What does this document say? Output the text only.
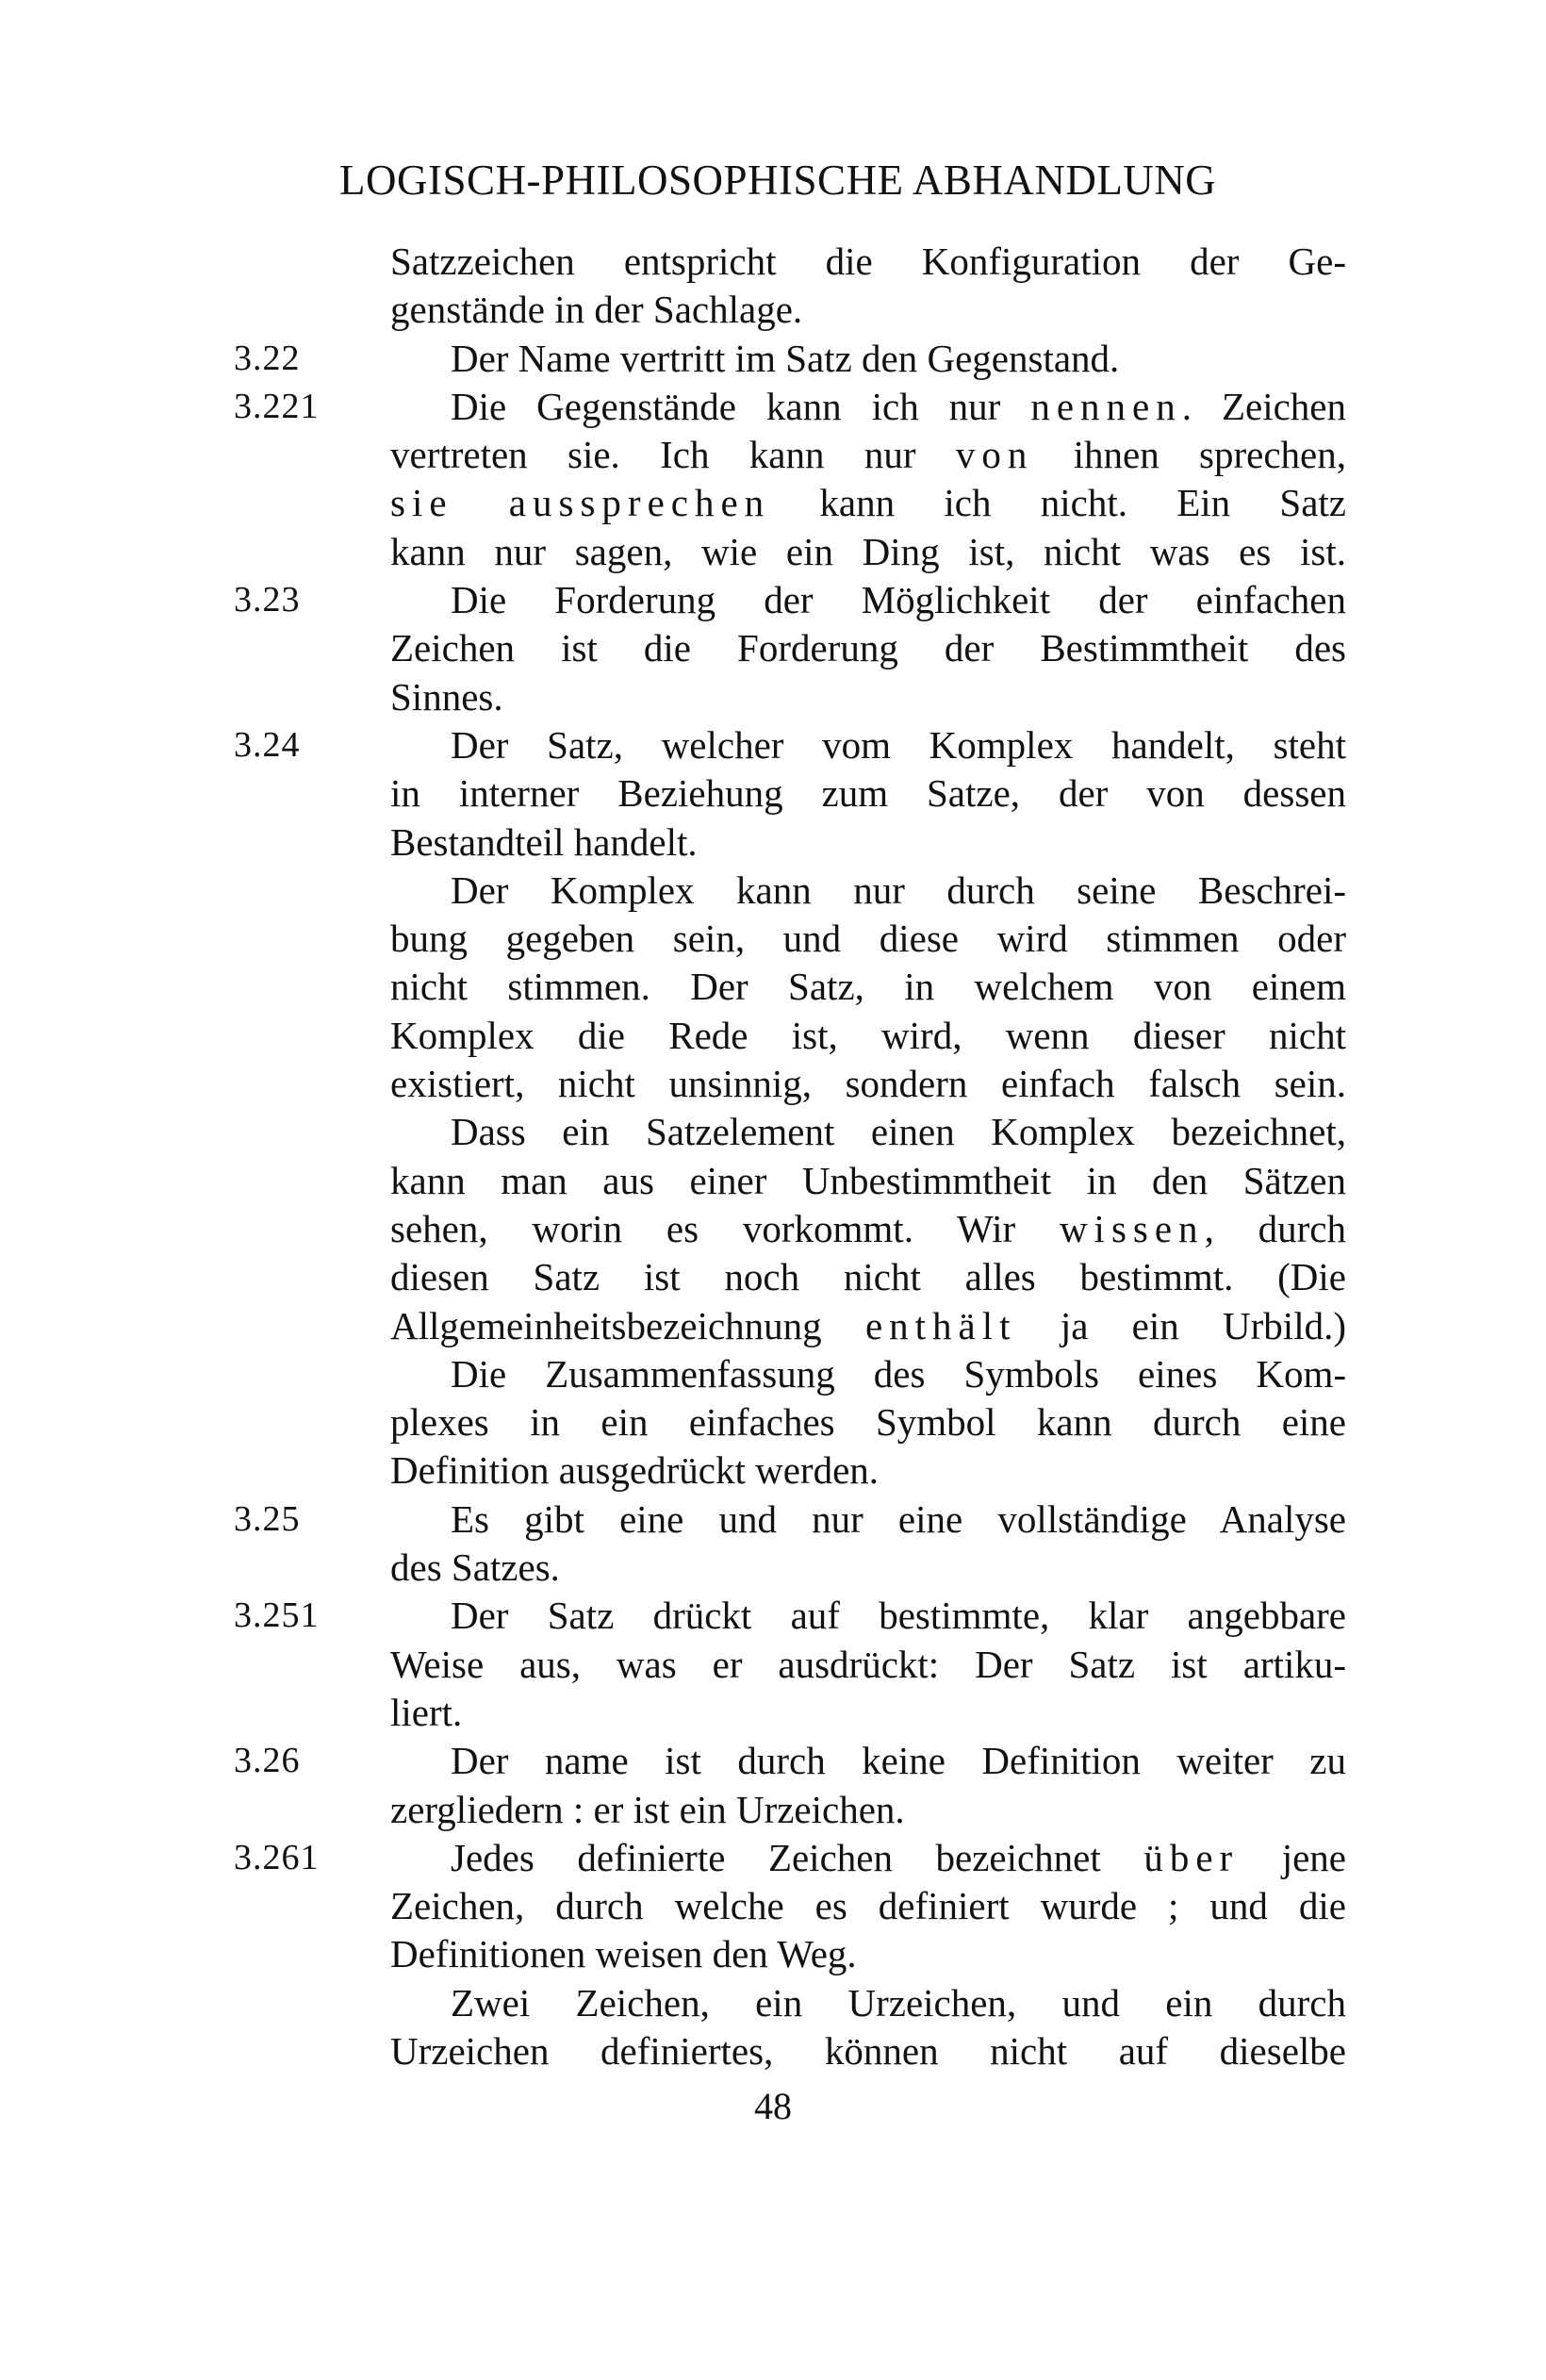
LOGISCH-PHILOSOPHISCHE ABHANDLUNG
Satzzeichen entspricht die Konfiguration der Ge-
genstände in der Sachlage.
3.22	Der Name vertritt im Satz den Gegenstand.
3.221	Die Gegenstände kann ich nur nennen. Zeichen
vertreten sie. Ich kann nur von ihnen sprechen,
sie aussprechen kann ich nicht. Ein Satz
kann nur sagen, wie ein Ding ist, nicht was es ist.
3.23	Die Forderung der Möglichkeit der einfachen
Zeichen ist die Forderung der Bestimmtheit des
Sinnes.
3.24	Der Satz, welcher vom Komplex handelt, steht
in interner Beziehung zum Satze, der von dessen
Bestandteil handelt.
Der Komplex kann nur durch seine Beschrei-
bung gegeben sein, und diese wird stimmen oder
nicht stimmen. Der Satz, in welchem von einem
Komplex die Rede ist, wird, wenn dieser nicht
existiert, nicht unsinnig, sondern einfach falsch sein.
Dass ein Satzelement einen Komplex bezeichnet,
kann man aus einer Unbestimmtheit in den Sätzen
sehen, worin es vorkommt. Wir wissen, durch
diesen Satz ist noch nicht alles bestimmt. (Die
Allgemeinheitsbezeichnung enthält ja ein Urbild.)
Die Zusammenfassung des Symbols eines Kom-
plexes in ein einfaches Symbol kann durch eine
Definition ausgedrückt werden.
3.25	Es gibt eine und nur eine vollständige Analyse
des Satzes.
3.251	Der Satz drückt auf bestimmte, klar angebbare
Weise aus, was er ausdrückt: Der Satz ist artiku-
liert.
3.26	Der name ist durch keine Definition weiter zu
zergliedern : er ist ein Urzeichen.
3.261	Jedes definierte Zeichen bezeichnet über jene
Zeichen, durch welche es definiert wurde ; und die
Definitionen weisen den Weg.
Zwei Zeichen, ein Urzeichen, und ein durch
Urzeichen definiertes, können nicht auf dieselbe
48
